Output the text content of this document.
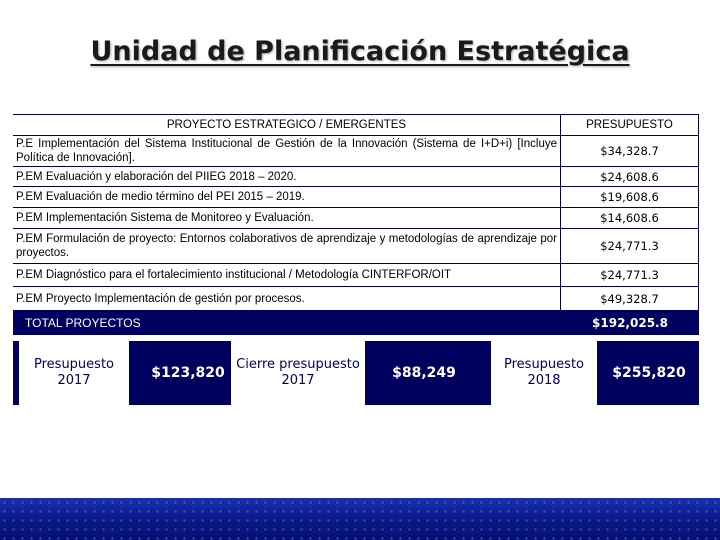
Unidad de Planificación Estratégica
PROYECTO ESTRATEGICO / EMERGENTES	PRESUPUESTO
P.E Implementación del Sistema Institucional de Gestión de la Innovación (Sistema de I+D+i) [Incluye Política de Innovación].	$34,328.7
P.EM Evaluación y elaboración del PIIEG 2018 – 2020.	$24,608.6
P.EM Evaluación de medio término del PEI 2015 – 2019.	$19,608.6
P.EM Implementación Sistema de Monitoreo y Evaluación.	$14,608.6
P.EM Formulación de proyecto: Entornos colaborativos de aprendizaje y metodologías de aprendizaje por proyectos.	$24,771.3
P.EM Diagnóstico para el fortalecimiento institucional / Metodología CINTERFOR/OIT	$24,771.3
P.EM Proyecto Implementación de gestión por procesos.	$49,328.7
TOTAL PROYECTOS	$192,025.8
Presupuesto 2017	$123,820
Cierre presupuesto 2017	$88,249
Presupuesto 2018	$255,820
